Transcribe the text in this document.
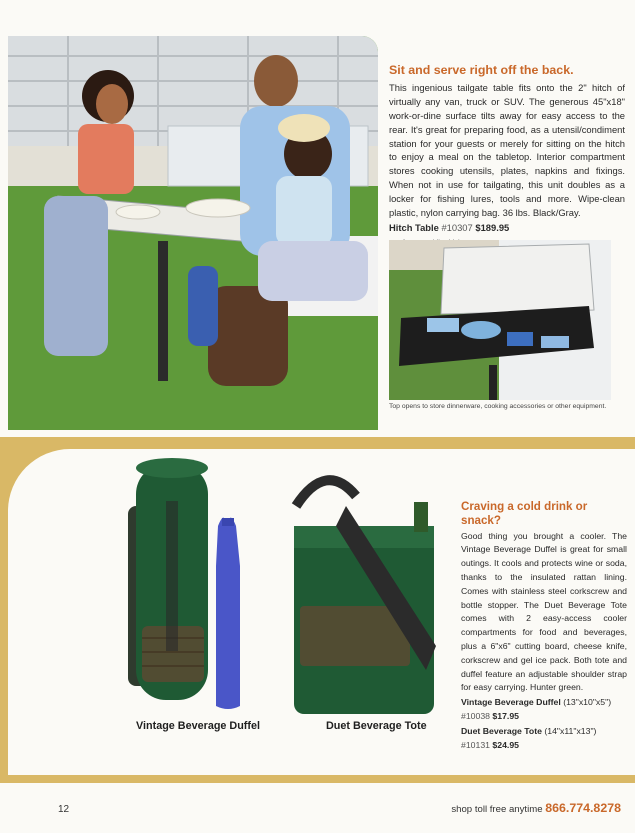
Sit and serve right off the back.
This ingenious tailgate table fits onto the 2" hitch of virtually any van, truck or SUV. The generous 45"x18" work-or-dine surface tilts away for easy access to the rear. It's great for preparing food, as a utensil/condiment station for your guests or merely for sitting on the hitch to enjoy a meal on the tabletop. Interior compartment stores cooking utensils, plates, napkins and fixings. When not in use for tailgating, this unit doubles as a locker for fishing lures, tools and more. Wipe-clean plastic, nylon carrying bag. 36 lbs. Black/Gray.
Hitch Table #10307 $189.95
Top opens to store dinnerware, cooking accessories or other equipment.
Craving a cold drink or snack?
Good thing you brought a cooler. The Vintage Beverage Duffel is great for small outings. It cools and protects wine or soda, thanks to the insulated rattan lining. Comes with stainless steel corkscrew and bottle stopper. The Duet Beverage Tote comes with 2 easy-access cooler compartments for food and beverages, plus a 6"x6" cutting board, cheese knife, corkscrew and gel ice pack. Both tote and duffel feature an adjustable shoulder strap for easy carrying. Hunter green.
Vintage Beverage Duffel (13"x10"x5")
#10038 $17.95
Duet Beverage Tote (14"x11"x13")
#10131 $24.95
Vintage Beverage Duffel	Duet Beverage Tote
12	shop toll free anytime 866.774.8278
